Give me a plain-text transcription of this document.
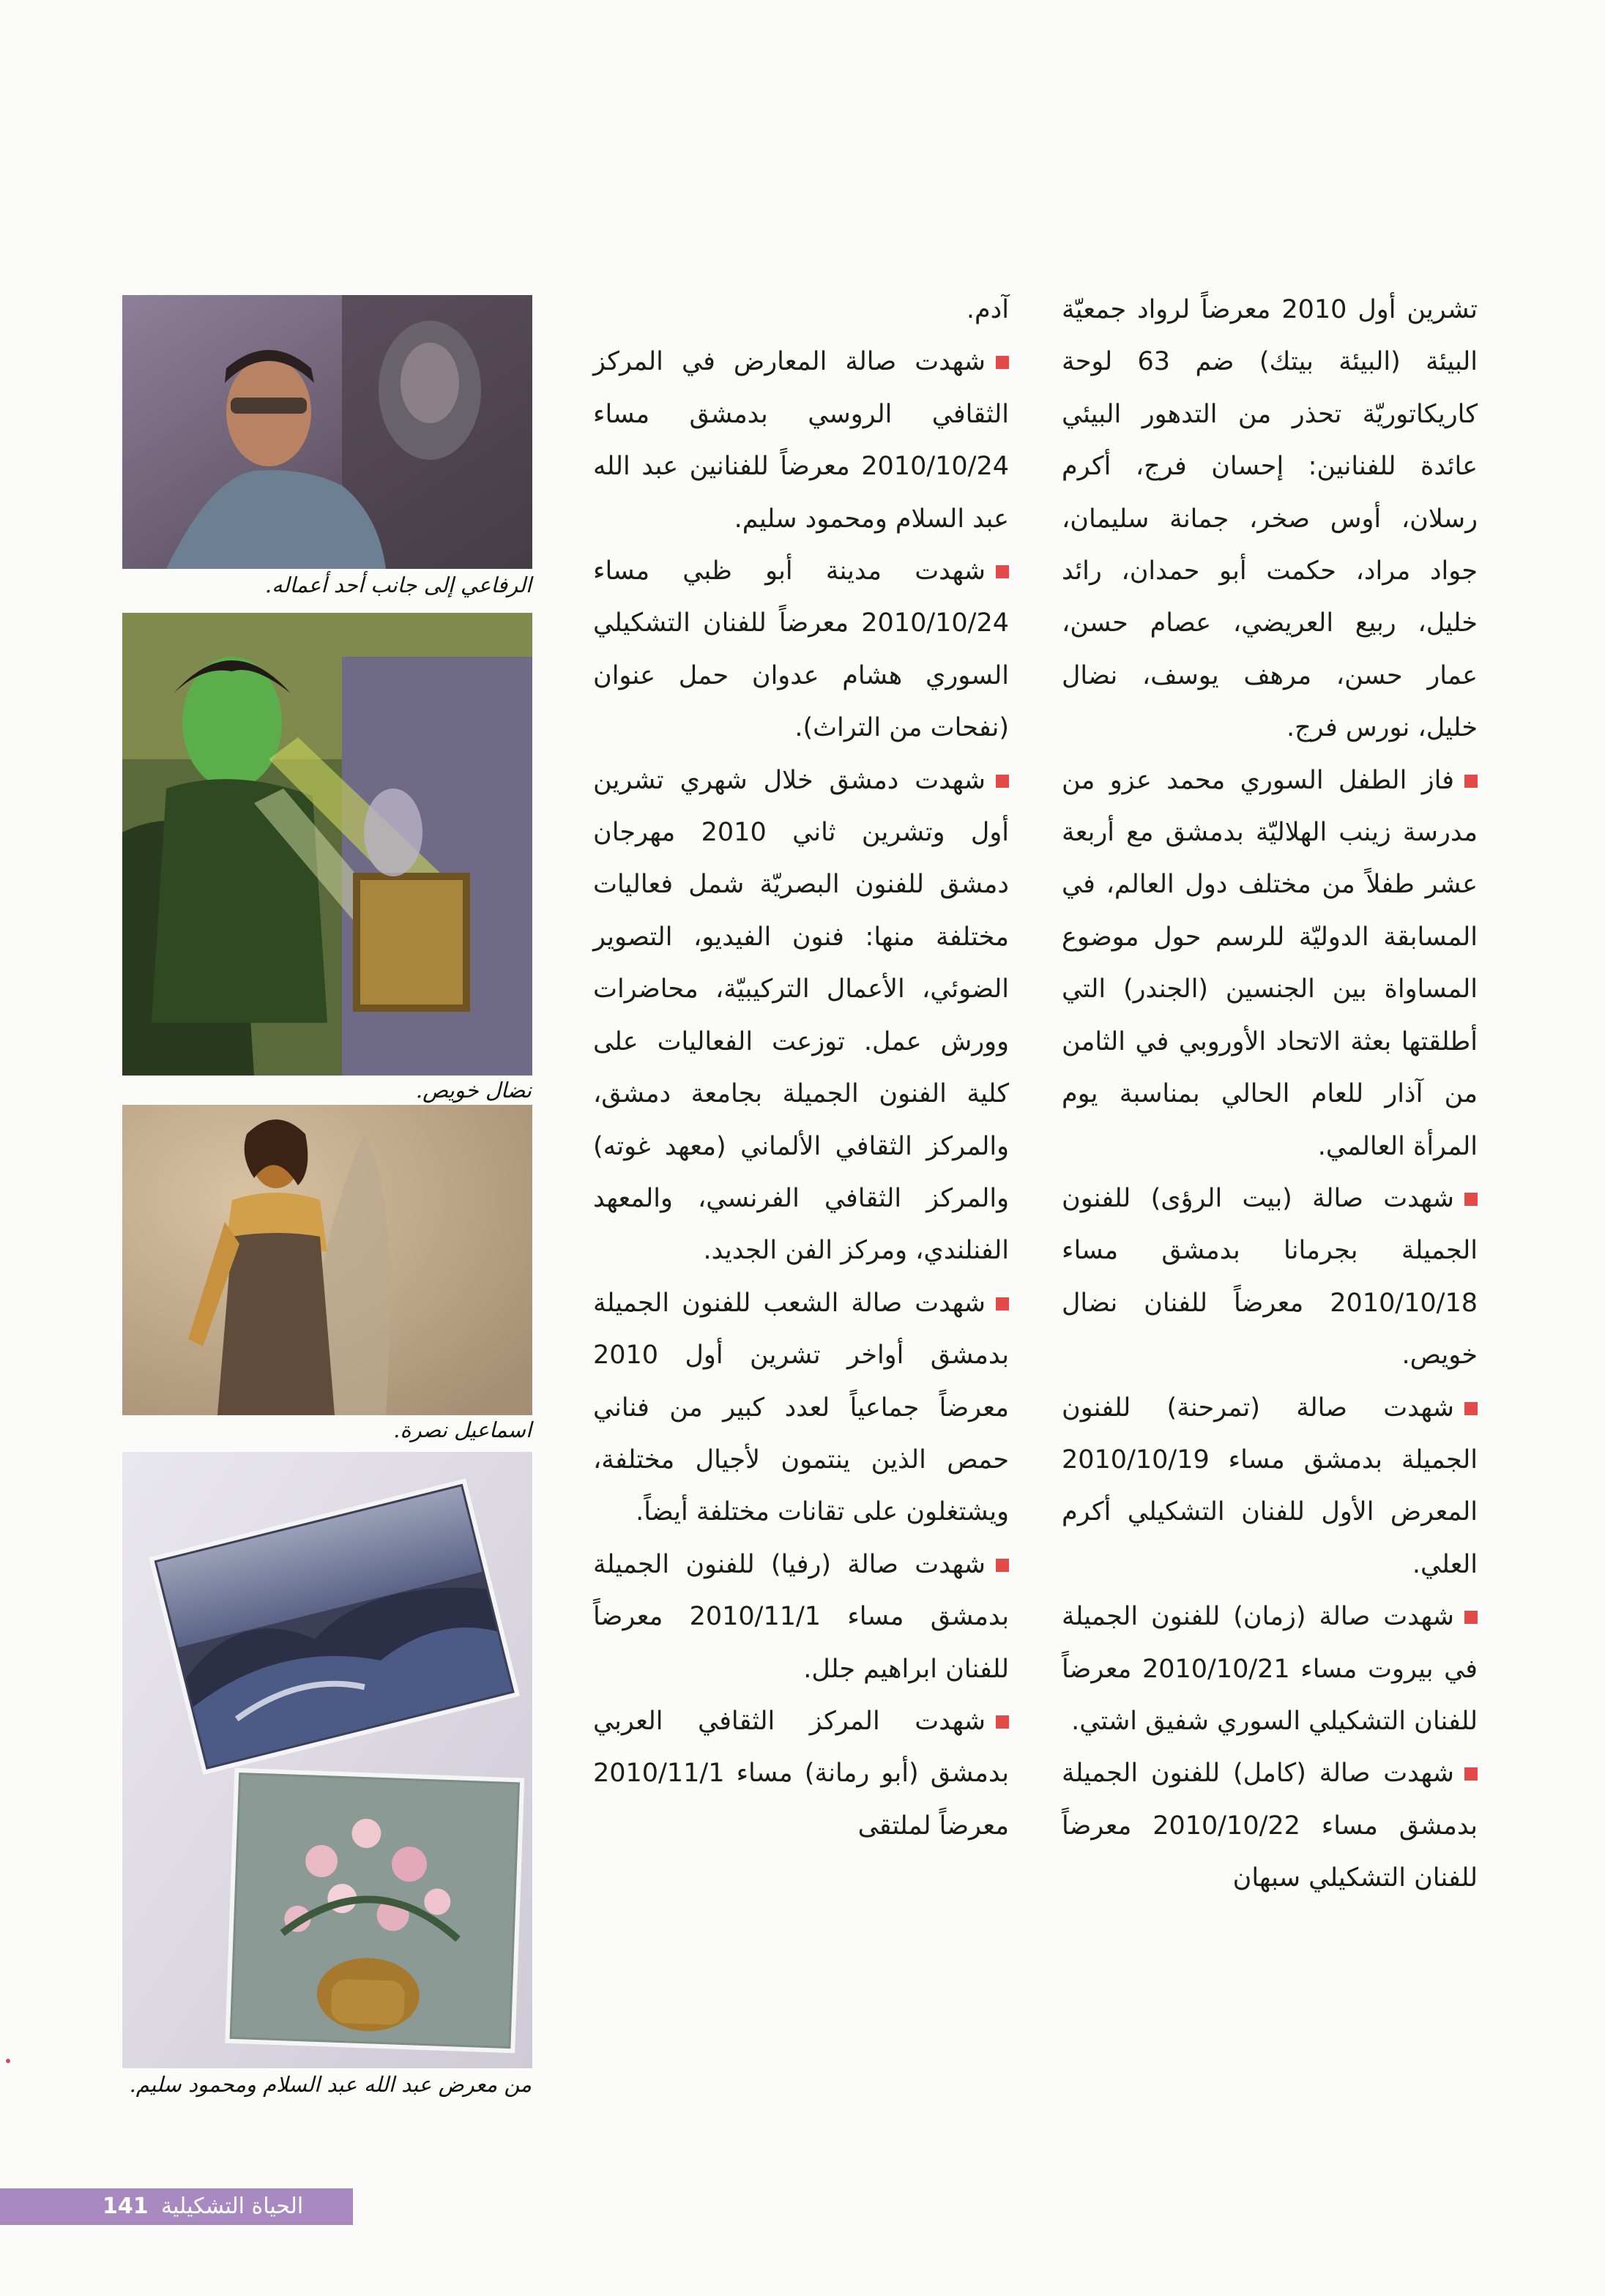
تشرين أول 2010 معرضاً لرواد جمعيّة البيئة (البيئة بيتك) ضم 63 لوحة كاريكاتوريّة تحذر من التدهور البيئي عائدة للفنانين: إحسان فرج، أكرم رسلان، أوس صخر، جمانة سليمان، جواد مراد، حكمت أبو حمدان، رائد خليل، ربيع العريضي، عصام حسن، عمار حسن، مرهف يوسف، نضال خليل، نورس فرج.

فاز الطفل السوري محمد عزو من مدرسة زينب الهلاليّة بدمشق مع أربعة عشر طفلاً من مختلف دول العالم، في المسابقة الدوليّة للرسم حول موضوع المساواة بين الجنسين (الجندر) التي أطلقتها بعثة الاتحاد الأوروبي في الثامن من آذار للعام الحالي بمناسبة يوم المرأة العالمي.

شهدت صالة (بيت الرؤى) للفنون الجميلة بجرمانا بدمشق مساء 2010/10/18 معرضاً للفنان نضال خويص.

شهدت صالة (تمرحنة) للفنون الجميلة بدمشق مساء 2010/10/19 المعرض الأول للفنان التشكيلي أكرم العلي.

شهدت صالة (زمان) للفنون الجميلة في بيروت مساء 2010/10/21 معرضاً للفنان التشكيلي السوري شفيق اشتي.

شهدت صالة (كامل) للفنون الجميلة بدمشق مساء 2010/10/22 معرضاً للفنان التشكيلي سبهان

آدم.

شهدت صالة المعارض في المركز الثقافي الروسي بدمشق مساء 2010/10/24 معرضاً للفنانين عبد الله عبد السلام ومحمود سليم.

شهدت مدينة أبو ظبي مساء 2010/10/24 معرضاً للفنان التشكيلي السوري هشام عدوان حمل عنوان (نفحات من التراث).

شهدت دمشق خلال شهري تشرين أول وتشرين ثاني 2010 مهرجان دمشق للفنون البصريّة شمل فعاليات مختلفة منها: فنون الفيديو، التصوير الضوئي، الأعمال التركيبيّة، محاضرات وورش عمل. توزعت الفعاليات على كلية الفنون الجميلة بجامعة دمشق، والمركز الثقافي الألماني (معهد غوته) والمركز الثقافي الفرنسي، والمعهد الفنلندي، ومركز الفن الجديد.

شهدت صالة الشعب للفنون الجميلة بدمشق أواخر تشرين أول 2010 معرضاً جماعياً لعدد كبير من فناني حمص الذين ينتمون لأجيال مختلفة، ويشتغلون على تقانات مختلفة أيضاً.

شهدت صالة (رفيا) للفنون الجميلة بدمشق مساء 2010/11/1 معرضاً للفنان ابراهيم جلل.

شهدت المركز الثقافي العربي بدمشق (أبو رمانة) مساء 2010/11/1 معرضاً لملتقى

الرفاعي إلى جانب أحد أعماله.
نضال خويص.
اسماعيل نصرة.
من معرض عبد الله عبد السلام ومحمود سليم.
141 الحياة التشكيلية
